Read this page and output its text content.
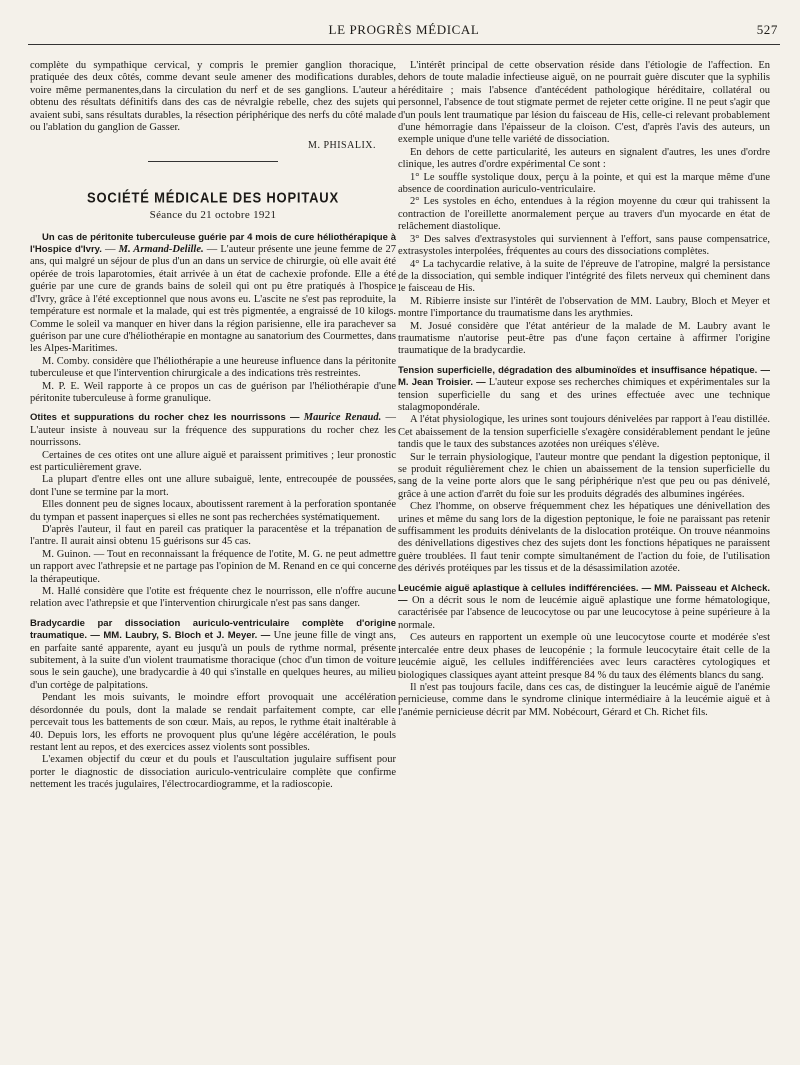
LE PROGRÈS MÉDICAL	527

complète du sympathique cervical, y compris le premier ganglion thoracique, pratiquée des deux côtés, comme devant seule amener des modifications durables, voire même permanentes,dans la circulation du nerf et de ses ganglions. L'auteur a obtenu des résultats définitifs dans des cas de névralgie rebelle, chez des sujets qui avaient subi, sans résultats durables, la résection périphérique des nerfs du côté malade ou l'ablation du ganglion de Gasser.

M. PHISALIX.

SOCIÉTÉ MÉDICALE DES HOPITAUX
Séance du 21 octobre 1921

Un cas de péritonite tuberculeuse guérie par 4 mois de cure héliothérapique à l'Hospice d'Ivry. — M. Armand-Delille. — L'auteur présente une jeune femme de 27 ans, qui malgré un séjour de plus d'un an dans un service de chirurgie, où elle avait été opérée de trois laparotomies, était arrivée à un état de cachexie profonde. Elle a été guérie par une cure de grands bains de soleil qui ont pu être pratiqués à l'hospice d'Ivry, grâce à l'été exceptionnel que nous avons eu. L'ascite ne s'est pas reproduite, la température est normale et la malade, qui est très pigmentée, a engraissé de 10 kilogs. Comme le soleil va manquer en hiver dans la région parisienne, elle ira parachever sa guérison par une cure d'héliothérapie en montagne au sanatorium des Courmettes, dans les Alpes-Maritimes.

M. Comby. considère que l'héliothérapie a une heureuse influence dans la péritonite tuberculeuse et que l'intervention chirurgicale a des indications très restreintes.

M. P. E. Weil rapporte à ce propos un cas de guérison par l'héliothérapie d'une péritonite tuberculeuse à forme granulique.

Otites et suppurations du rocher chez les nourrissons — Maurice Renaud. — L'auteur insiste à nouveau sur la fréquence des suppurations du rocher chez les nourrissons.

Certaines de ces otites ont une allure aiguë et paraissent primitives ; leur pronostic est particulièrement grave.

La plupart d'entre elles ont une allure subaiguë, lente, entrecoupée de poussées, dont l'une se termine par la mort.

Elles donnent peu de signes locaux, aboutissent rarement à la perforation spontanée du tympan et passent inaperçues si elles ne sont pas recherchées systématiquement.

D'après l'auteur, il faut en pareil cas pratiquer la paracentèse et la trépanation de l'antre. Il aurait ainsi obtenu 15 guérisons sur 45 cas.

M. Guinon. — Tout en reconnaissant la fréquence de l'otite, M. G. ne peut admettre un rapport avec l'athrepsie et ne partage pas l'opinion de M. Renand en ce qui concerne la thérapeutique.

M. Hallé considère que l'otite est fréquente chez le nourrisson, elle n'offre aucune relation avec l'athrepsie et que l'intervention chirurgicale n'est pas sans danger.

Bradycardie par dissociation auriculo-ventriculaire complète d'origine traumatique. — MM. Laubry, S. Bloch et J. Meyer. — Une jeune fille de vingt ans, en parfaite santé apparente, ayant eu jusqu'à un pouls de rythme normal, présente subitement, à la suite d'un violent traumatisme thoracique (choc d'un timon de voiture sous le sein gauche), une bradycardie à 40 qui s'installe en quelques heures, au milieu d'un cortège de palpitations.

Pendant les mois suivants, le moindre effort provoquait une accélération désordonnée du pouls, dont la malade se rendait parfaitement compte, car elle percevait tous les battements de son cœur. Mais, au repos, le rythme était inaltérable à 40. Depuis lors, les efforts ne provoquent plus qu'une légère accélération, le pouls restant lent au repos, et des exercices assez violents sont possibles.

L'examen objectif du cœur et du pouls et l'auscultation jugulaire suffisent pour porter le diagnostic de dissociation auriculo-ventriculaire complète que confirme nettement les tracés jugulaires, l'électrocardiogramme, et la radioscopie.

L'intérêt principal de cette observation réside dans l'étiologie de l'affection. En dehors de toute maladie infectieuse aiguë, on ne pourrait guère discuter que la syphilis héréditaire ; mais l'absence d'antécédent pathologique héréditaire, collatéral ou personnel, l'absence de tout stigmate permet de rejeter cette origine. Il ne peut s'agir que d'un pouls lent traumatique par lésion du faisceau de His, celle-ci relevant probablement d'une hémorragie dans l'épaisseur de la cloison. C'est, d'après l'avis des auteurs, un exemple unique d'une telle variété de dissociation.

En dehors de cette particularité, les auteurs en signalent d'autres, les unes d'ordre clinique, les autres d'ordre expérimental Ce sont :

1° Le souffle systolique doux, perçu à la pointe, et qui est la marque même d'une absence de coordination auriculo-ventriculaire.

2° Les systoles en écho, entendues à la région moyenne du cœur qui trahissent la contraction de l'oreillette anormalement perçue au travers d'un myocarde en état de relâchement diastolique.

3° Des salves d'extrasystoles qui surviennent à l'effort, sans pause compensatrice, extrasystoles interpolées, fréquentes au cours des dissociations complètes.

4° La tachycardie relative, à la suite de l'épreuve de l'atropine, malgré la persistance de la dissociation, qui semble indiquer l'intégrité des filets nerveux qui cheminent dans le faisceau de His.

M. Ribierre insiste sur l'intérêt de l'observation de MM. Laubry, Bloch et Meyer et montre l'importance du traumatisme dans les arythmies.

M. Josué considère que l'état antérieur de la malade de M. Laubry avant le traumatisme n'autorise peut-être pas d'une façon certaine à affirmer l'origine traumatique de la bradycardie.

Tension superficielle, dégradation des albuminoïdes et insuffisance hépatique. — M. Jean Troisier. — L'auteur expose ses recherches chimiques et expérimentales sur la tension superficielle du sang et des urines effectuée avec une technique stalagmopondérale.

A l'état physiologique, les urines sont toujours dénivelées par rapport à l'eau distillée. Cet abaissement de la tension superficielle s'exagère considérablement pendant le jeûne tandis que le taux des substances azotées non uréiques s'élève.

Sur le terrain physiologique, l'auteur montre que pendant la digestion peptonique, il se produit régulièrement chez le chien un abaissement de la tension superficielle du sang de la veine porte alors que le sang périphérique n'est que peu ou pas dénivelé, grâce à une action d'arrêt du foie sur les produits dégradés des albumines ingérées.

Chez l'homme, on observe fréquemment chez les hépatiques une dénivellation des urines et même du sang lors de la digestion peptonique, le foie ne paraissant pas retenir suffisamment les produits dénivelants de la dislocation protéique. On trouve néanmoins des dénivellations digestives chez des sujets dont les fonctions hépatiques ne paraissent guère troublées. Il faut tenir compte simultanément de l'action du foie, de l'utilisation des dérivés protéiques par les tissus et de la désassimilation azotée.

Leucémie aiguë aplastique à cellules indifférenciées. — MM. Paisseau et Alcheck. — On a décrit sous le nom de leucémie aiguë aplastique une forme hématologique, caractérisée par l'absence de leucocytose ou par une leucocytose à peine supérieure à la normale.

Ces auteurs en rapportent un exemple où une leucocytose courte et modérée s'est intercalée entre deux phases de leucopénie ; la formule leucocytaire était celle de la leucémie aiguë, les cellules indifférenciées avec leurs caractères cytologiques et biologiques classiques ayant atteint presque 84 % du taux des éléments blancs du sang.

Il n'est pas toujours facile, dans ces cas, de distinguer la leucémie aiguë de l'anémie pernicieuse, comme dans le syndrome clinique intermédiaire à la leucémie aiguë et à l'anémie pernicieuse décrit par MM. Nobécourt, Gérard et Ch. Richet fils.
